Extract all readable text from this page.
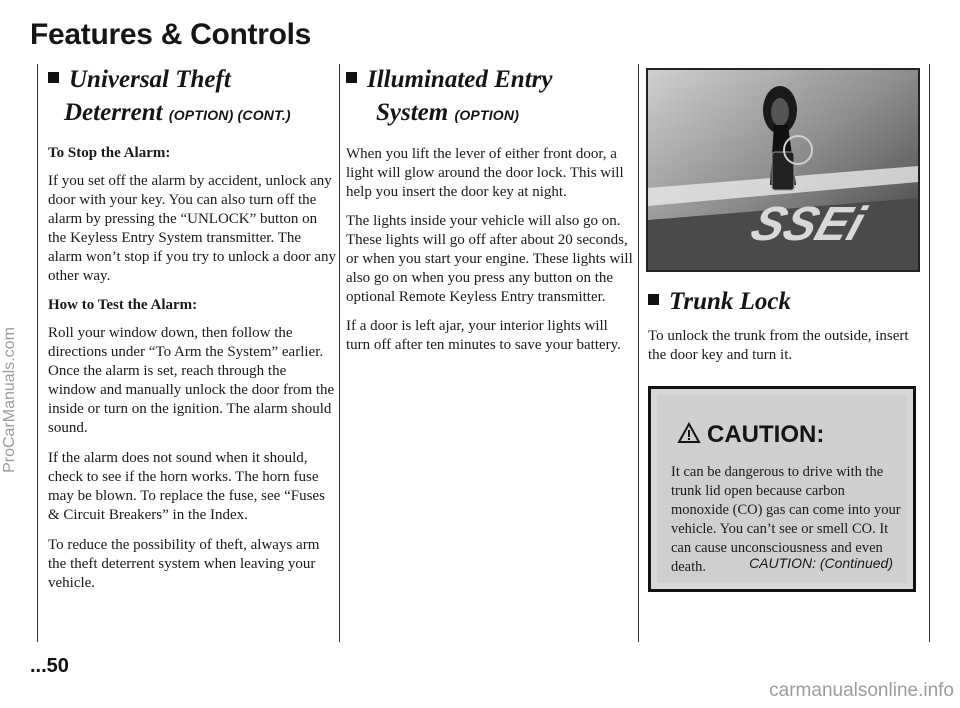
ProCarManuals.com
Features & Controls
Universal Theft
Deterrent (OPTION) (CONT.)

To Stop the Alarm:

If you set off the alarm by accident, unlock any door with your key. You can also turn off the alarm by pressing the “UNLOCK” button on the Keyless Entry System transmitter. The alarm won’t stop if you try to unlock a door any other way.

How to Test the Alarm:

Roll your window down, then follow the directions under “To Arm the System” earlier. Once the alarm is set, reach through the window and manually unlock the door from the inside or turn on the ignition. The alarm should sound.

If the alarm does not sound when it should, check to see if the horn works. The horn fuse may be blown. To replace the fuse, see “Fuses & Circuit Breakers” in the Index.

To reduce the possibility of theft, always arm the theft deterrent system when leaving your vehicle.

Illuminated Entry
System (OPTION)

When you lift the lever of either front door, a light will glow around the door lock. This will help you insert the door key at night.

The lights inside your vehicle will also go on. These lights will go off after about 20 seconds, or when you start your engine. These lights will also go on when you press any button on the optional Remote Keyless Entry transmitter.

If a door is left ajar, your interior lights will turn off after ten minutes to save your battery.

SSEi
Trunk Lock

To unlock the trunk from the outside, insert the door key and turn it.

CAUTION:

It can be dangerous to drive with the trunk lid open because carbon monoxide (CO) gas can come into your vehicle. You can’t see or smell CO. It can cause unconsciousness and even death.	CAUTION: (Continued)

...50

carmanualsonline.info
